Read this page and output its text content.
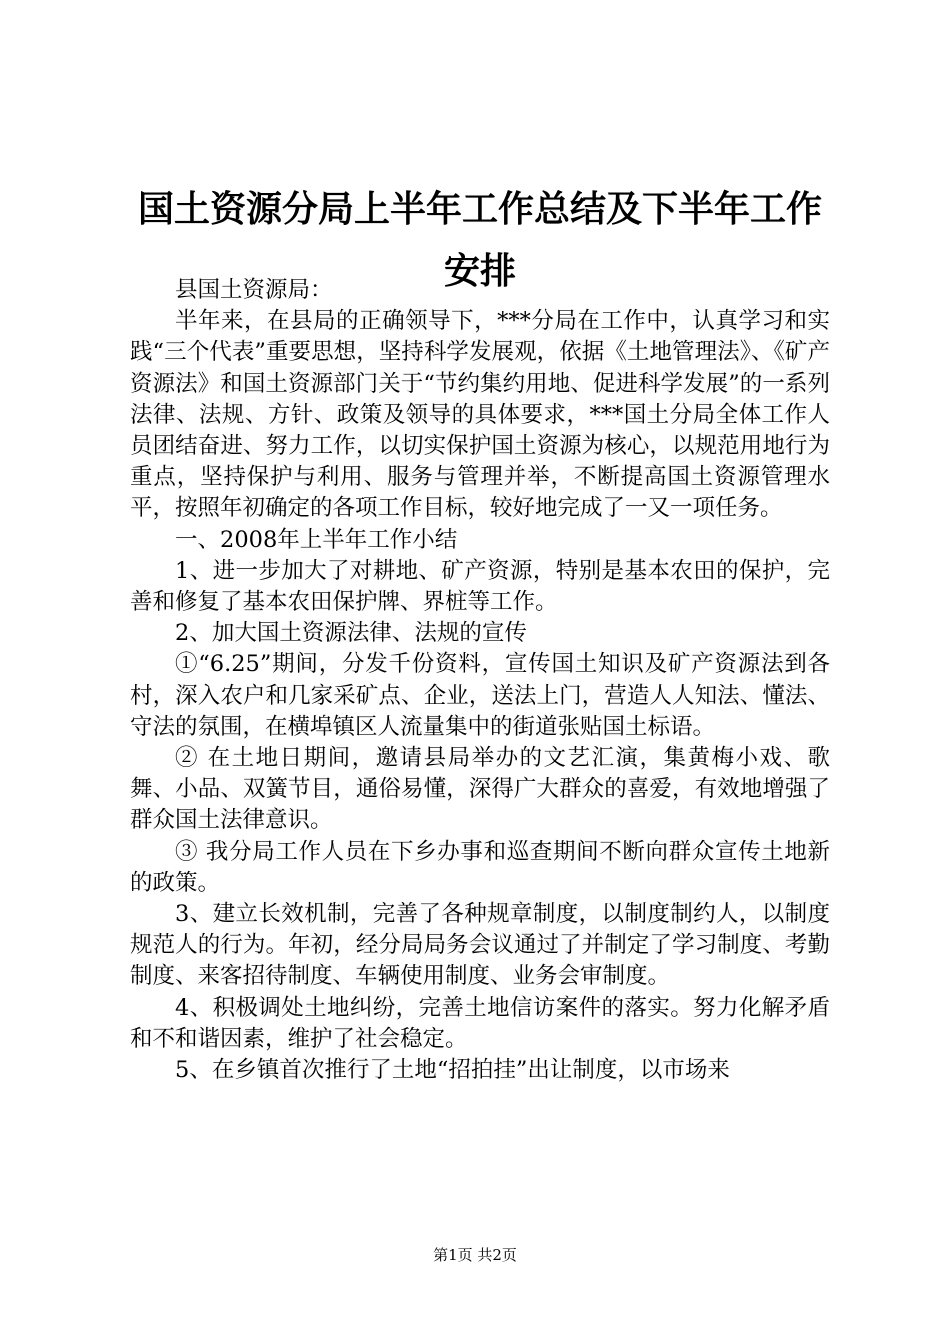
国土资源分局上半年工作总结及下半年工作安排

县国土资源局：

半年来，在县局的正确领导下，***分局在工作中，认真学习和实践“三个代表”重要思想，坚持科学发展观，依据《土地管理法》、《矿产资源法》和国土资源部门关于“节约集约用地、促进科学发展”的一系列法律、法规、方针、政策及领导的具体要求，***国土分局全体工作人员团结奋进、努力工作，以切实保护国土资源为核心，以规范用地行为重点，坚持保护与利用、服务与管理并举，不断提高国土资源管理水平，按照年初确定的各项工作目标，较好地完成了一又一项任务。

一、2008年上半年工作小结

1、进一步加大了对耕地、矿产资源，特别是基本农田的保护，完善和修复了基本农田保护牌、界桩等工作。

2、加大国土资源法律、法规的宣传

①“6.25”期间，分发千份资料，宣传国土知识及矿产资源法到各村，深入农户和几家采矿点、企业，送法上门，营造人人知法、懂法、守法的氛围，在横埠镇区人流量集中的街道张贴国土标语。

② 在土地日期间，邀请县局举办的文艺汇演，集黄梅小戏、歌舞、小品、双簧节目，通俗易懂，深得广大群众的喜爱，有效地增强了群众国土法律意识。

③ 我分局工作人员在下乡办事和巡查期间不断向群众宣传土地新的政策。

3、建立长效机制，完善了各种规章制度，以制度制约人，以制度规范人的行为。年初，经分局局务会议通过了并制定了学习制度、考勤制度、来客招待制度、车辆使用制度、业务会审制度。

4、积极调处土地纠纷，完善土地信访案件的落实。努力化解矛盾和不和谐因素，维护了社会稳定。

5、在乡镇首次推行了土地“招拍挂”出让制度，以市场来

第1页 共2页
